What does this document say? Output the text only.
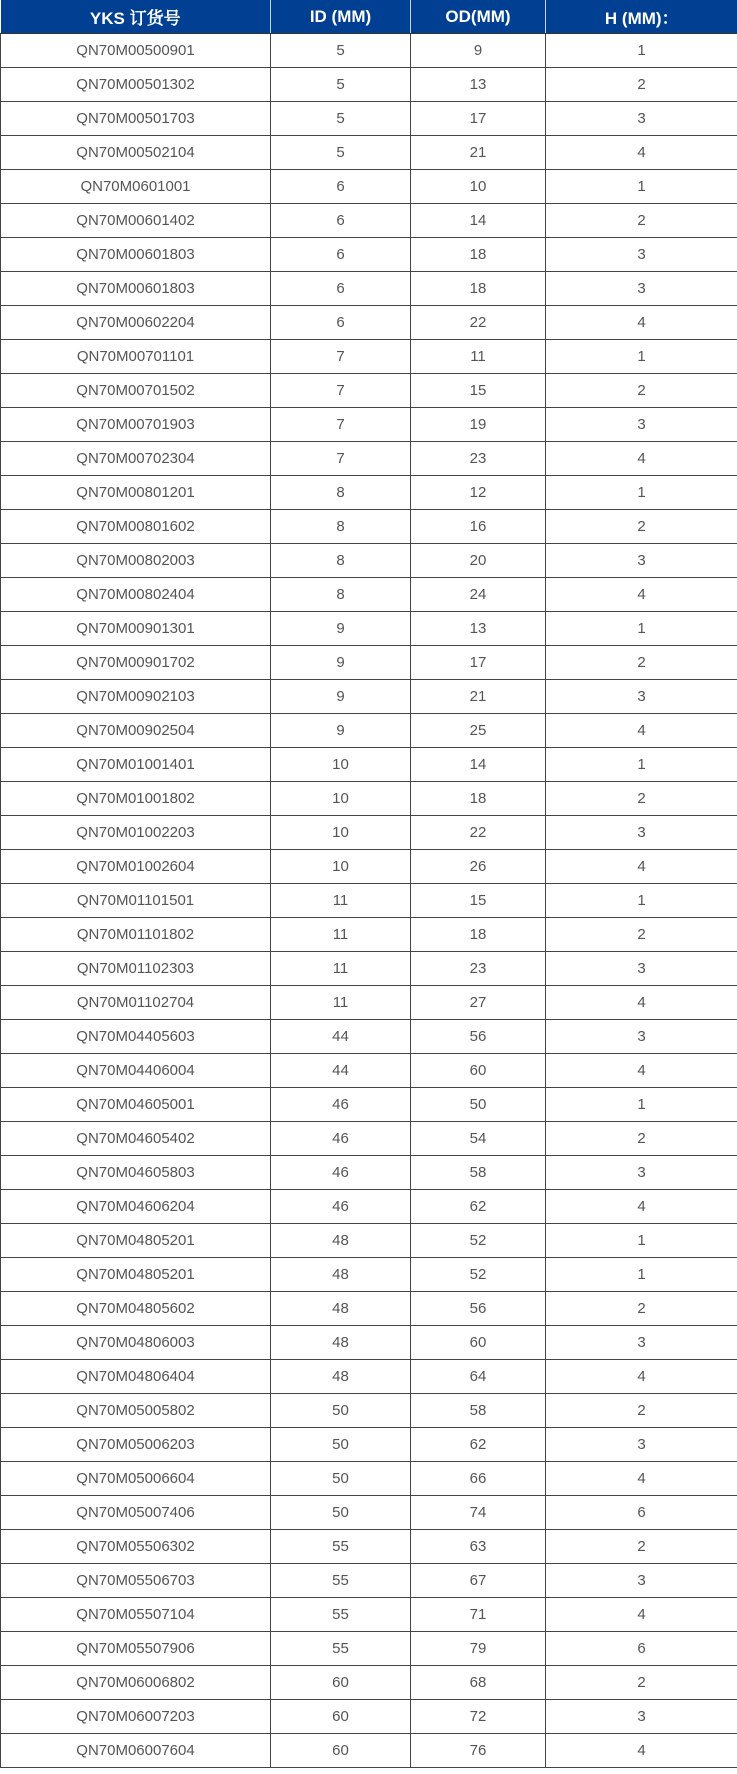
YKS 订货号	ID (MM)	OD(MM)	H (MM)：
QN70M00500901	5	9	1
QN70M00501302	5	13	2
QN70M00501703	5	17	3
QN70M00502104	5	21	4
QN70M0601001	6	10	1
QN70M00601402	6	14	2
QN70M00601803	6	18	3
QN70M00601803	6	18	3
QN70M00602204	6	22	4
QN70M00701101	7	11	1
QN70M00701502	7	15	2
QN70M00701903	7	19	3
QN70M00702304	7	23	4
QN70M00801201	8	12	1
QN70M00801602	8	16	2
QN70M00802003	8	20	3
QN70M00802404	8	24	4
QN70M00901301	9	13	1
QN70M00901702	9	17	2
QN70M00902103	9	21	3
QN70M00902504	9	25	4
QN70M01001401	10	14	1
QN70M01001802	10	18	2
QN70M01002203	10	22	3
QN70M01002604	10	26	4
QN70M01101501	11	15	1
QN70M01101802	11	18	2
QN70M01102303	11	23	3
QN70M01102704	11	27	4
QN70M04405603	44	56	3
QN70M04406004	44	60	4
QN70M04605001	46	50	1
QN70M04605402	46	54	2
QN70M04605803	46	58	3
QN70M04606204	46	62	4
QN70M04805201	48	52	1
QN70M04805201	48	52	1
QN70M04805602	48	56	2
QN70M04806003	48	60	3
QN70M04806404	48	64	4
QN70M05005802	50	58	2
QN70M05006203	50	62	3
QN70M05006604	50	66	4
QN70M05007406	50	74	6
QN70M05506302	55	63	2
QN70M05506703	55	67	3
QN70M05507104	55	71	4
QN70M05507906	55	79	6
QN70M06006802	60	68	2
QN70M06007203	60	72	3
QN70M06007604	60	76	4
